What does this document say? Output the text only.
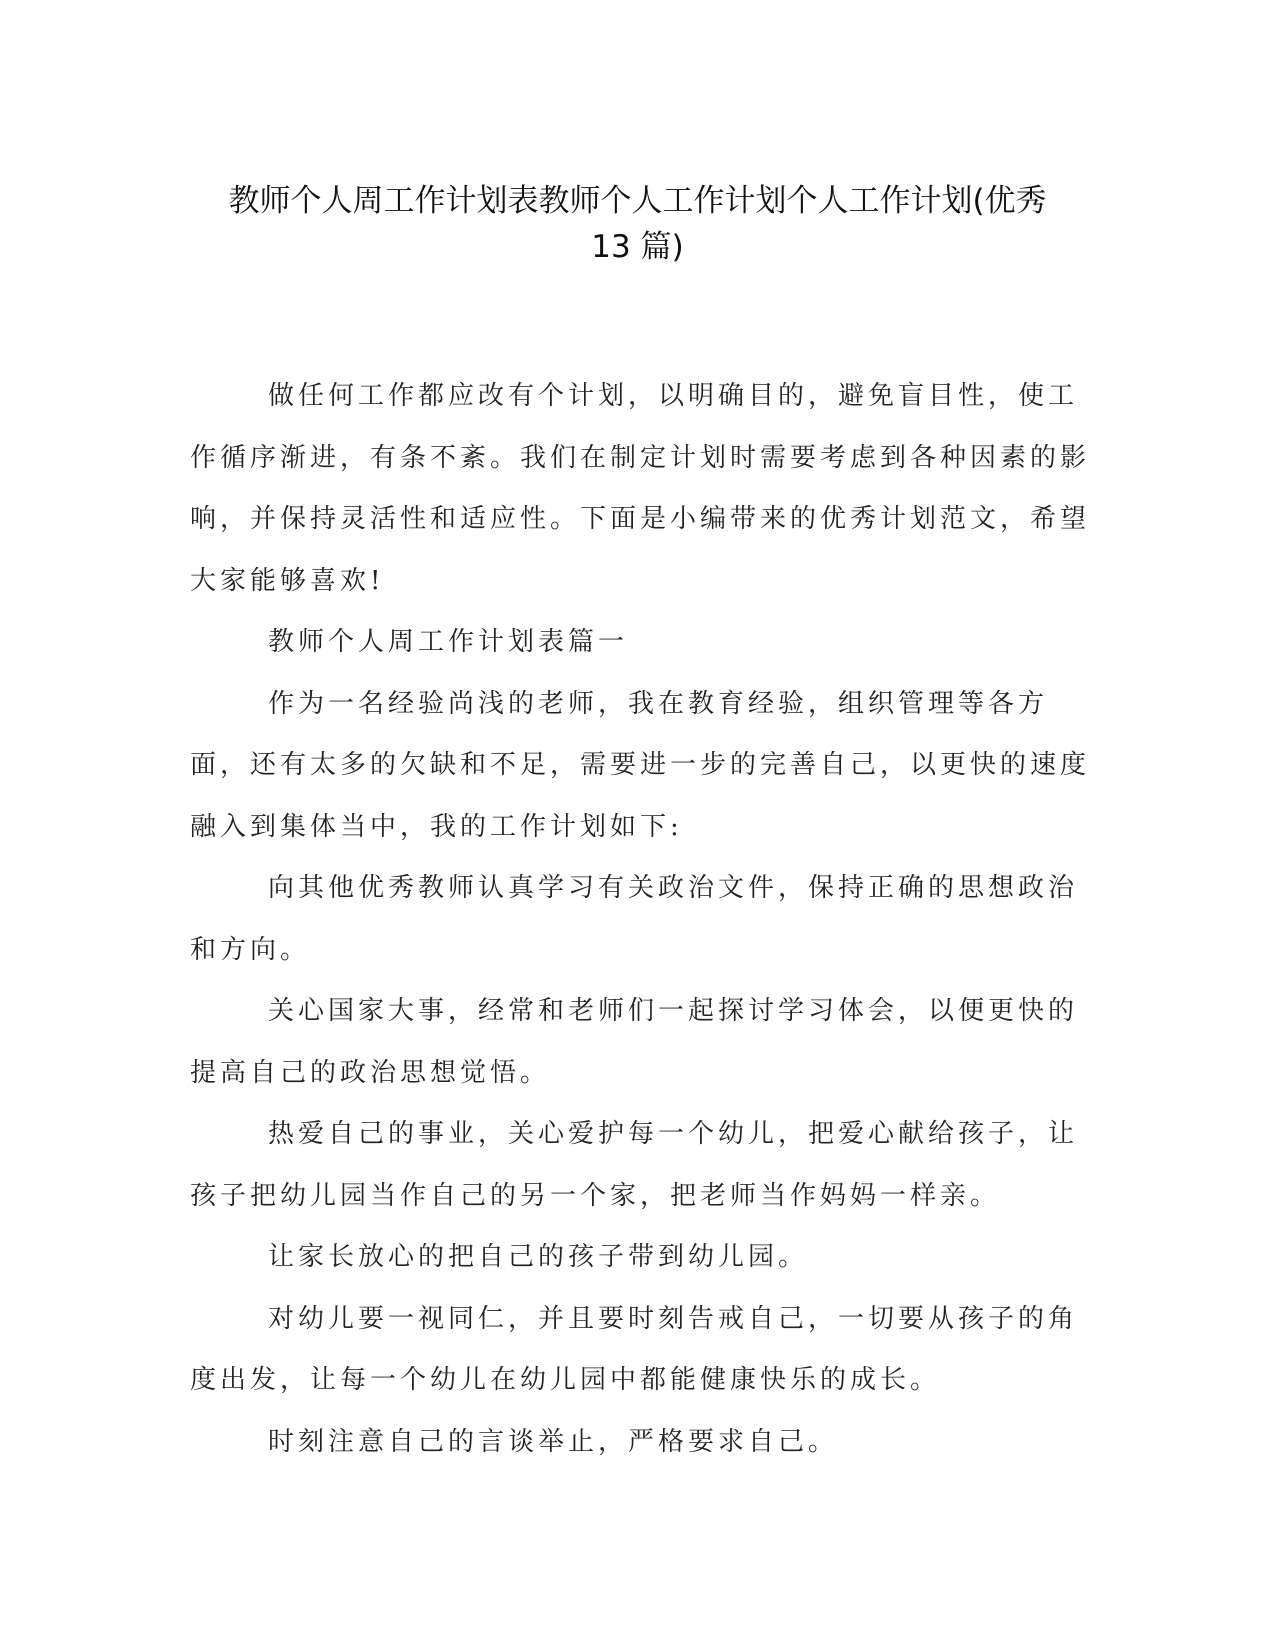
教师个人周工作计划表教师个人工作计划个人工作计划(优秀
13 篇)

做任何工作都应改有个计划，以明确目的，避免盲目性，使工作循序渐进，有条不紊。我们在制定计划时需要考虑到各种因素的影响，并保持灵活性和适应性。下面是小编带来的优秀计划范文，希望大家能够喜欢!

教师个人周工作计划表篇一

作为一名经验尚浅的老师，我在教育经验，组织管理等各方面，还有太多的欠缺和不足，需要进一步的完善自己，以更快的速度融入到集体当中，我的工作计划如下:

向其他优秀教师认真学习有关政治文件，保持正确的思想政治和方向。

关心国家大事，经常和老师们一起探讨学习体会，以便更快的提高自己的政治思想觉悟。

热爱自己的事业，关心爱护每一个幼儿，把爱心献给孩子，让孩子把幼儿园当作自己的另一个家，把老师当作妈妈一样亲。

让家长放心的把自己的孩子带到幼儿园。

对幼儿要一视同仁，并且要时刻告戒自己，一切要从孩子的角度出发，让每一个幼儿在幼儿园中都能健康快乐的成长。

时刻注意自己的言谈举止，严格要求自己。
